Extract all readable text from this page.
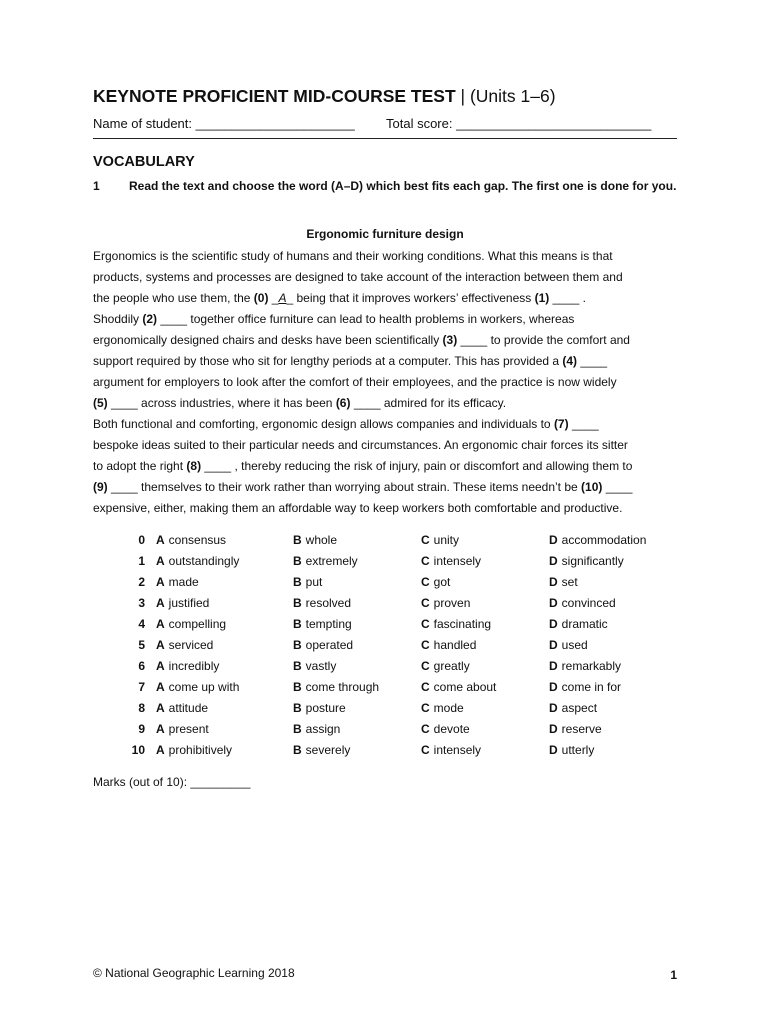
KEYNOTE PROFICIENT MID-COURSE TEST | (Units 1–6)
Name of student: ______________________ Total score: ___________________________
VOCABULARY
1 Read the text and choose the word (A–D) which best fits each gap. The first one is done for you.
Ergonomic furniture design
Ergonomics is the scientific study of humans and their working conditions. What this means is that
products, systems and processes are designed to take account of the interaction between them and
the people who use them, the (0) _A_ being that it improves workers’ effectiveness (1) ____ .
Shoddily (2) ____ together office furniture can lead to health problems in workers, whereas
ergonomically designed chairs and desks have been scientifically (3) ____ to provide the comfort and
support required by those who sit for lengthy periods at a computer. This has provided a (4) ____
argument for employers to look after the comfort of their employees, and the practice is now widely
(5) ____ across industries, where it has been (6) ____ admired for its efficacy.
Both functional and comforting, ergonomic design allows companies and individuals to (7) ____
bespoke ideas suited to their particular needs and circumstances. An ergonomic chair forces its sitter
to adopt the right (8) ____ , thereby reducing the risk of injury, pain or discomfort and allowing them to
(9) ____ themselves to their work rather than worrying about strain. These items needn’t be (10) ____
expensive, either, making them an affordable way to keep workers both comfortable and productive.
0 A consensus	B whole	C unity	D accommodation
1 A outstandingly	B extremely	C intensely	D significantly
2 A made	B put	C got	D set
3 A justified	B resolved	C proven	D convinced
4 A compelling	B tempting	C fascinating	D dramatic
5 A serviced	B operated	C handled	D used
6 A incredibly	B vastly	C greatly	D remarkably
7 A come up with	B come through	C come about	D come in for
8 A attitude	B posture	C mode	D aspect
9 A present	B assign	C devote	D reserve
10 A prohibitively	B severely	C intensely	D utterly
Marks (out of 10): _________
© National Geographic Learning 2018	1
